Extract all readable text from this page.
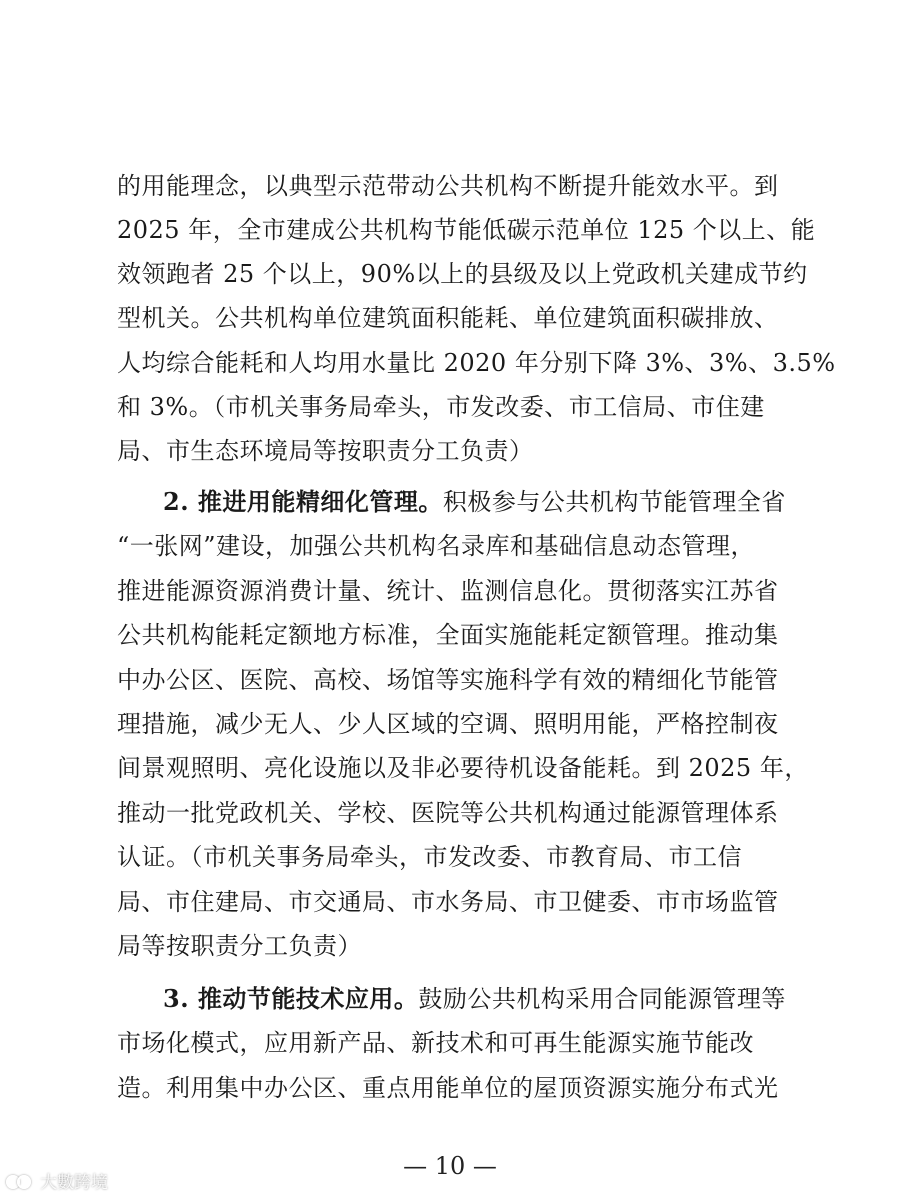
的用能理念，以典型示范带动公共机构不断提升能效水平。到
2025 年，全市建成公共机构节能低碳示范单位 125 个以上、能
效领跑者 25 个以上，90%以上的县级及以上党政机关建成节约
型机关。公共机构单位建筑面积能耗、单位建筑面积碳排放、
人均综合能耗和人均用水量比 2020 年分别下降 3%、3%、3.5%
和 3%。（市机关事务局牵头，市发改委、市工信局、市住建
局、市生态环境局等按职责分工负责）
2. 推进用能精细化管理。积极参与公共机构节能管理全省
“一张网”建设，加强公共机构名录库和基础信息动态管理，
推进能源资源消费计量、统计、监测信息化。贯彻落实江苏省
公共机构能耗定额地方标准，全面实施能耗定额管理。推动集
中办公区、医院、高校、场馆等实施科学有效的精细化节能管
理措施，减少无人、少人区域的空调、照明用能，严格控制夜
间景观照明、亮化设施以及非必要待机设备能耗。到 2025 年，
推动一批党政机关、学校、医院等公共机构通过能源管理体系
认证。（市机关事务局牵头，市发改委、市教育局、市工信
局、市住建局、市交通局、市水务局、市卫健委、市市场监管
局等按职责分工负责）
3. 推动节能技术应用。鼓励公共机构采用合同能源管理等
市场化模式，应用新产品、新技术和可再生能源实施节能改
造。利用集中办公区、重点用能单位的屋顶资源实施分布式光
— 10 —
大數跨境
